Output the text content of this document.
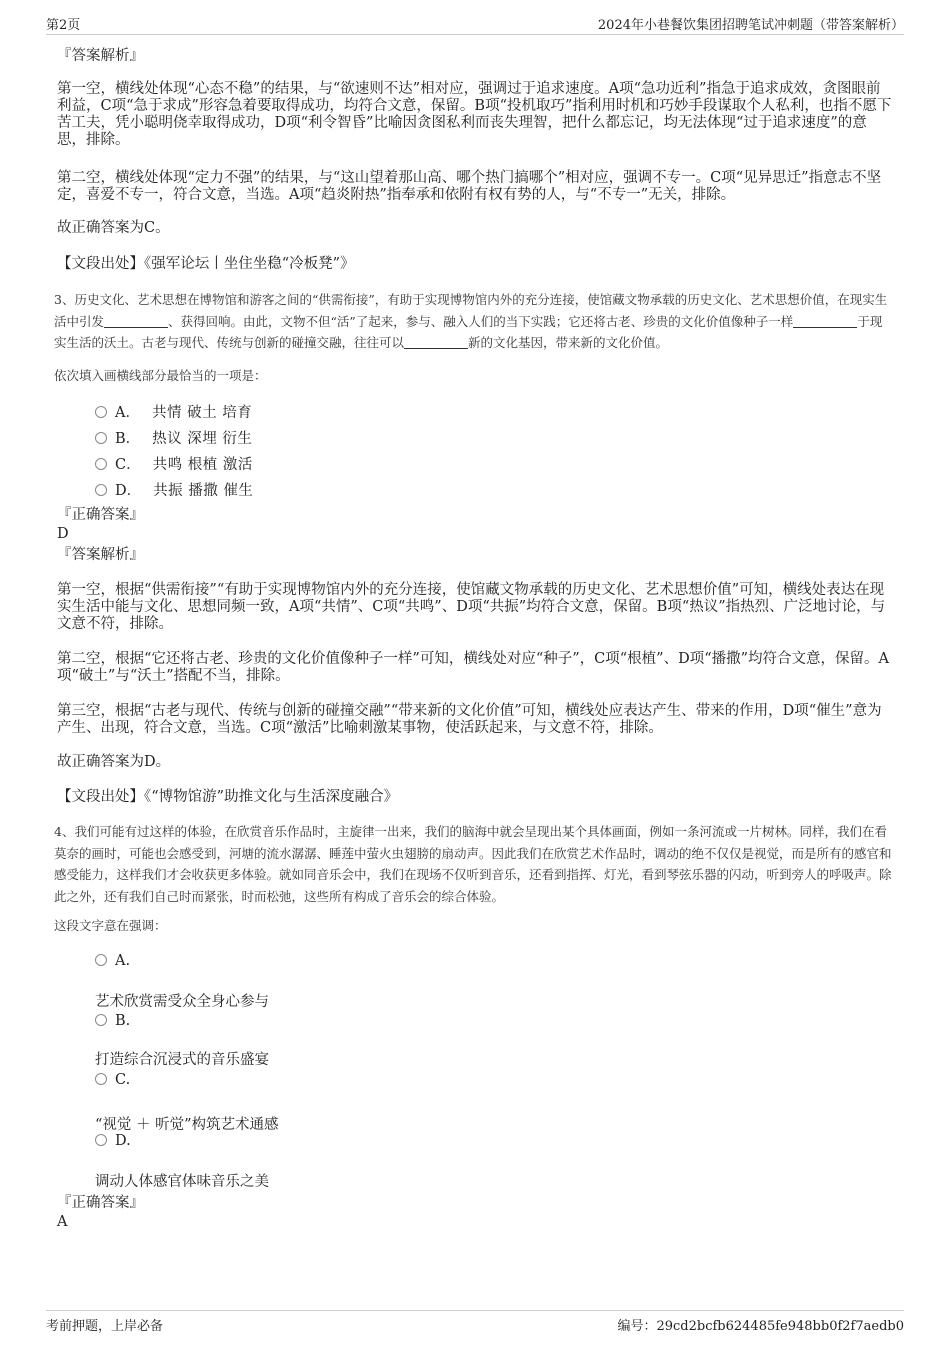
第2页	2024年小巷餐饮集团招聘笔试冲刺题（带答案解析）
『答案解析』
第一空，横线处体现“心态不稳”的结果，与“欲速则不达”相对应，强调过于追求速度。A项“急功近利”指急于追求成效，贪图眼前利益，C项“急于求成”形容急着要取得成功，均符合文意，保留。B项“投机取巧”指利用时机和巧妙手段谋取个人私利，也指不愿下苦工夫，凭小聪明侥幸取得成功，D项“利令智昏”比喻因贪图私利而丧失理智，把什么都忘记，均无法体现“过于追求速度”的意思，排除。
第二空，横线处体现“定力不强”的结果，与“这山望着那山高、哪个热门搞哪个”相对应，强调不专一。C项“见异思迁”指意志不坚定，喜爱不专一，符合文意，当选。A项“趋炎附热”指奉承和依附有权有势的人，与“不专一”无关，排除。
故正确答案为C。
【文段出处】《强军论坛丨坐住坐稳“冷板凳”》
3、历史文化、艺术思想在博物馆和游客之间的“供需衔接”，有助于实现博物馆内外的充分连接，使馆藏文物承载的历史文化、艺术思想价值，在现实生活中引发	、获得回响。由此，文物不但“活”了起来，参与、融入人们的当下实践；它还将古老、珍贵的文化价值像种子一样	于现实生活的沃土。古老与现代、传统与创新的碰撞交融，往往可以	新的文化基因，带来新的文化价值。
依次填入画横线部分最恰当的一项是：
A． 共情 破土 培育
B． 热议 深埋 衍生
C． 共鸣 根植 激活
D． 共振 播撒 催生
『正确答案』
D
『答案解析』
第一空，根据“供需衔接”“有助于实现博物馆内外的充分连接，使馆藏文物承载的历史文化、艺术思想价值”可知，横线处表达在现实生活中能与文化、思想同频一致，A项“共情”、C项“共鸣”、D项“共振”均符合文意，保留。B项“热议”指热烈、广泛地讨论，与文意不符，排除。
第二空，根据“它还将古老、珍贵的文化价值像种子一样”可知，横线处对应“种子”，C项“根植”、D项“播撒”均符合文意，保留。A项“破土”与“沃土”搭配不当，排除。
第三空，根据“古老与现代、传统与创新的碰撞交融”“带来新的文化价值”可知，横线处应表达产生、带来的作用，D项“催生”意为产生、出现，符合文意，当选。C项“激活”比喻刺激某事物，使活跃起来，与文意不符，排除。
故正确答案为D。
【文段出处】《“博物馆游”助推文化与生活深度融合》
4、我们可能有过这样的体验，在欣赏音乐作品时，主旋律一出来，我们的脑海中就会呈现出某个具体画面，例如一条河流或一片树林。同样，我们在看莫奈的画时，可能也会感受到，河塘的流水潺潺、睡莲中萤火虫翅膀的扇动声。因此我们在欣赏艺术作品时，调动的绝不仅仅是视觉，而是所有的感官和感受能力，这样我们才会收获更多体验。就如同音乐会中，我们在现场不仅听到音乐，还看到指挥、灯光，看到琴弦乐器的闪动，听到旁人的呼吸声。除此之外，还有我们自己时而紧张，时而松弛，这些所有构成了音乐会的综合体验。
这段文字意在强调：
A.
艺术欣赏需受众全身心参与
B.
打造综合沉浸式的音乐盛宴
C.
“视觉 ＋ 听觉”构筑艺术通感
D.
调动人体感官体味音乐之美
『正确答案』
A
考前押题，上岸必备	编号：29cd2bcfb624485fe948bb0f2f7aedb0
